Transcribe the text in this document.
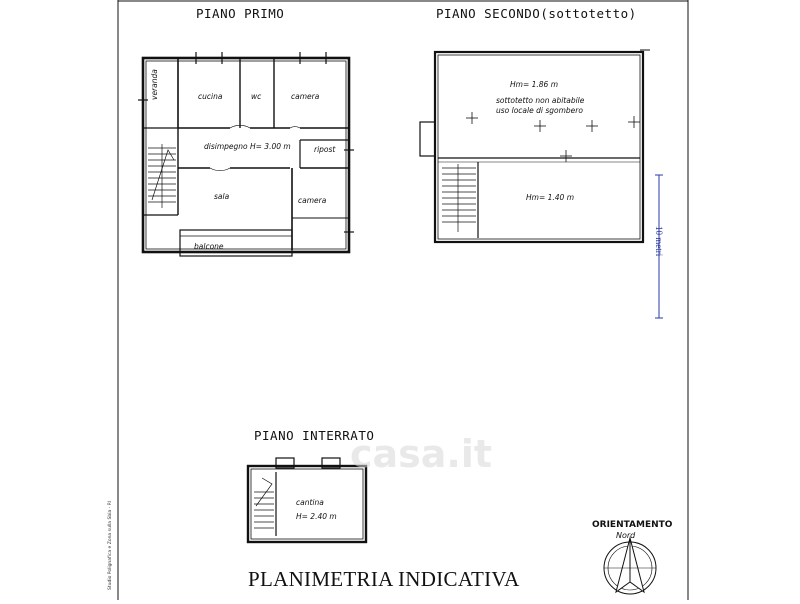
PIANO PRIMO	PIANO SECONDO(sottotetto)
PIANO INTERRATO
veranda	cucina	wc	camera
disimpegno H= 3.00 m	ripost
sala	camera
balcone
Hm= 1.86 m
sottotetto non abitabile
uso locale di sgombero
Hm= 1.40 m
cantina
H= 2.40 m
10 metri
ORIENTAMENTO
Nord
casa.it
Studio Polignafica e Zona sulla Sbia - P.I	PLANIMETRIA INDICATIVA
